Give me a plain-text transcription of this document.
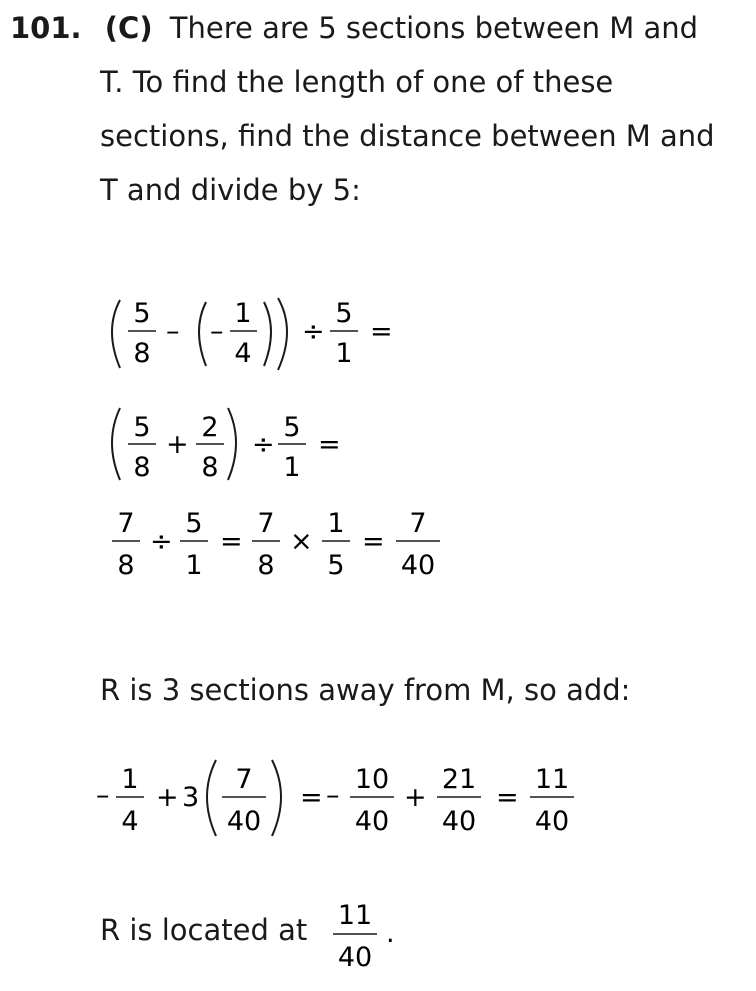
101. (C) There are 5 sections between M and
T. To find the length of one of these
sections, find the distance between M and
T and divide by 5:
5
8
– –
1
4
÷
5
1
=
5
8
+
2
8
÷
5
1
=
7
8
÷
5
1
=
7
8
×
1
5
=
7
40
R is 3 sections away from M, so add:
–
1
4
+ 3
7
40
= –
10
40
+
21
40
=
11
40
R is located at 11
40
.
